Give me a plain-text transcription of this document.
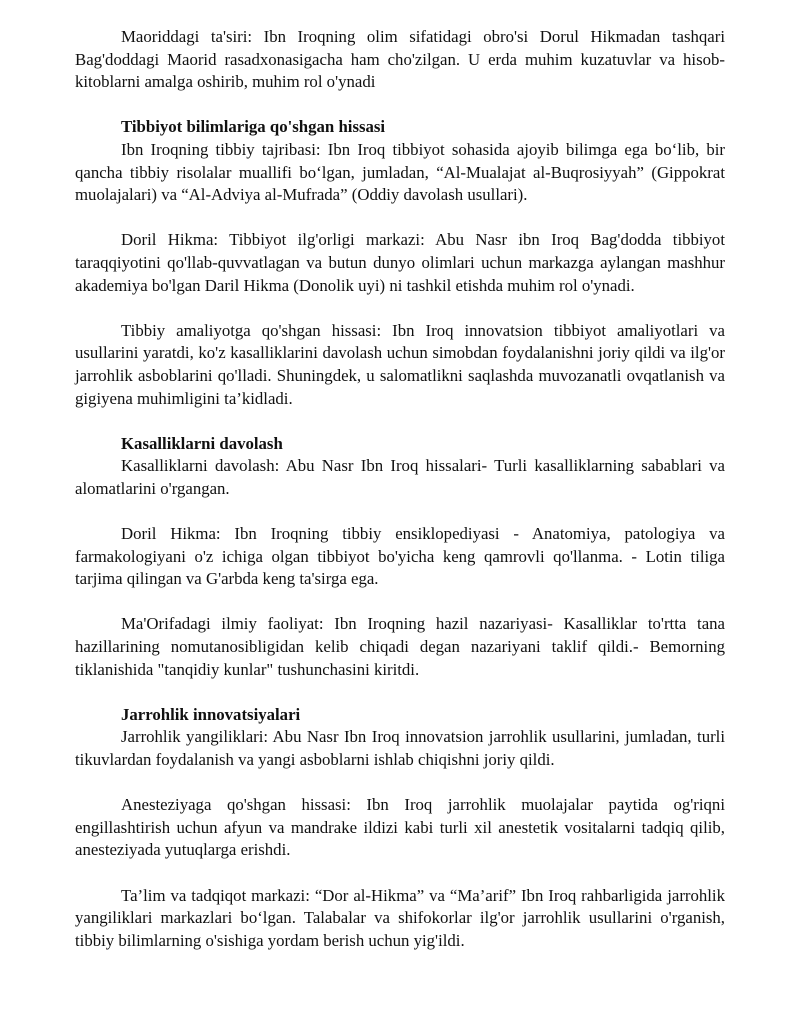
Maoriddagi ta'siri: Ibn Iroqning olim sifatidagi obro'si Dorul Hikmadan tashqari Bag'doddagi Maorid rasadxonasigacha ham cho'zilgan. U erda muhim kuzatuvlar va hisob-kitoblarni amalga oshirib, muhim rol o'ynadi

Tibbiyot bilimlariga qo'shgan hissasi

Ibn Iroqning tibbiy tajribasi: Ibn Iroq tibbiyot sohasida ajoyib bilimga ega bo‘lib, bir qancha tibbiy risolalar muallifi bo‘lgan, jumladan, “Al-Mualajat al-Buqrosiyyah” (Gippokrat muolajalari) va “Al-Adviya al-Mufrada” (Oddiy davolash usullari).

Doril Hikma: Tibbiyot ilg'orligi markazi: Abu Nasr ibn Iroq Bag'dodda tibbiyot taraqqiyotini qo'llab-quvvatlagan va butun dunyo olimlari uchun markazga aylangan mashhur akademiya bo'lgan Daril Hikma (Donolik uyi) ni tashkil etishda muhim rol o'ynadi.

Tibbiy amaliyotga qo'shgan hissasi: Ibn Iroq innovatsion tibbiyot amaliyotlari va usullarini yaratdi, ko'z kasalliklarini davolash uchun simobdan foydalanishni joriy qildi va ilg'or jarrohlik asboblarini qo'lladi. Shuningdek, u salomatlikni saqlashda muvozanatli ovqatlanish va gigiyena muhimligini ta’kidladi.

Kasalliklarni davolash

Kasalliklarni davolash: Abu Nasr Ibn Iroq hissalari- Turli kasalliklarning sabablari va alomatlarini o'rgangan.

Doril Hikma: Ibn Iroqning tibbiy ensiklopediyasi - Anatomiya, patologiya va farmakologiyani o'z ichiga olgan tibbiyot bo'yicha keng qamrovli qo'llanma. - Lotin tiliga tarjima qilingan va G'arbda keng ta'sirga ega.

Ma'Orifadagi ilmiy faoliyat: Ibn Iroqning hazil nazariyasi- Kasalliklar to'rtta tana hazillarining nomutanosibligidan kelib chiqadi degan nazariyani taklif qildi.- Bemorning tiklanishida "tanqidiy kunlar" tushunchasini kiritdi.

Jarrohlik innovatsiyalari

Jarrohlik yangiliklari: Abu Nasr Ibn Iroq innovatsion jarrohlik usullarini, jumladan, turli tikuvlardan foydalanish va yangi asboblarni ishlab chiqishni joriy qildi.

Anesteziyaga qo'shgan hissasi: Ibn Iroq jarrohlik muolajalar paytida og'riqni engillashtirish uchun afyun va mandrake ildizi kabi turli xil anestetik vositalarni tadqiq qilib, anesteziyada yutuqlarga erishdi.

Ta’lim va tadqiqot markazi: “Dor al-Hikma” va “Ma’arif” Ibn Iroq rahbarligida jarrohlik yangiliklari markazlari bo‘lgan. Talabalar va shifokorlar ilg'or jarrohlik usullarini o'rganish, tibbiy bilimlarning o'sishiga yordam berish uchun yig'ildi.
